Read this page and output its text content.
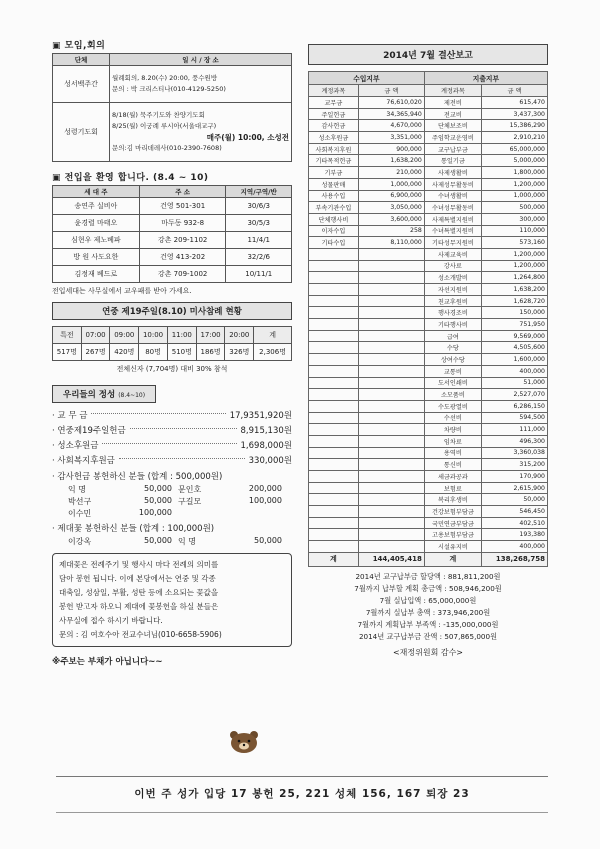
▣ 모임,회의
단체	일 시 / 장 소
성서백주간	월례회의, 8.20(수) 20:00, 풍수원방
문의 : 박 크리스티나(010-4129-5250)

성령기도회	8/18(월) 묵주기도와 찬양기도회
8/25(월) 이궁례 루시아(서울대교구)
매주(월) 10:00, 소성전
문의:김 마리데레사(010-2390-7608)
▣ 전입을 환영 합니다. (8.4 ~ 10)
세 대 주	주 소	지역/구역/반
송연주 실비아	건영 501-301	30/6/3
윤경렬 마태오	마두동 932-8	30/5/3
심현우 제노베파	강촌 209-1102	11/4/1
방 원 사도요한	건영 413-202	32/2/6
김정재 베드로	강촌 709-1002	10/11/1
전입세대는 사무실에서 교우패를 받아 가세요.
연중 제19주일(8.10) 미사참례 현황
특전	07:00	09:00	10:00	11:00	17:00	20:00	계
517명	267명	420명	80명	510명	186명	326명	2,306명
전체신자 (7,704명) 대비 30% 참석
우리들의 정성 (8.4~10)
· 교 무 금	17,9351,920원
· 연중제19주일헌금	8,915,130원
· 성소후원금	1,698,000원
· 사회복지후원금	330,000원
· 감사헌금 봉헌하신 분들 (합계 : 500,000원)
익 명	50,000 문인호	200,000
박선구	50,000 구길모	100,000
이수민	100,000
· 제대꽃 봉헌하신 분들 (합계 : 100,000원)
이강옥	50,000 익 명	50,000
제대꽃은 전례주기 및 행사시 마다 전례의 의미를
담아 봉헌 됩니다. 이에 본당에서는 연중 및 각종
대축일, 성삼일, 부활, 성탄 등에 소요되는 꽃값을
봉헌 받고자 하오니 제대에 꽃봉헌을 하실 분들은
사무실에 접수 하시기 바랍니다.
문의 : 김 여호수아 전교수녀님(010-6658-5906)
※주보는 부채가 아닙니다~~
2014년 7월 결산보고
수입지부		지출지부	
계정과목	금 액	계정과목	금 액
교무금	76,610,020	제전비	615,470
주일헌금	34,365,940	전교비	3,437,300
감사헌금	4,670,000	단체보조비	15,386,290
성소후원금	3,351,000	주임학교운영비	2,910,210
사회복지후원	900,000	교구납부금	65,000,000
기타목적헌금	1,638,200	통일기금	5,000,000
기부금	210,000	사제생활비	1,800,000
성물판매	1,000,000	사제성무활동비	1,200,000
사용수입	6,900,000	수녀생활비	1,000,000
부속기관수입	3,050,000	수녀성무활동비	500,000
단체행사비	3,600,000	사제특별지원비	300,000
이자수입	258	수녀특별지원비	110,000
기타수입	8,110,000	기타성무지원비	573,160
		사제교육비	1,200,000
		강사료	1,200,000
		성소개발비	1,264,800
		자선지원비	1,638,200
		친교후원비	1,628,720
		행사경조비	150,000
		기타행사비	751,950
		급여	9,569,000
		수당	4,505,600
		상여수당	1,600,000
		교통비	400,000
		도서인쇄비	51,000
		소모품비	2,527,070
		수도광열비	6,286,150
		수선비	594,500
		차량비	111,000
		임차료	496,300
		용역비	3,360,038
		통신비	315,200
		세금과공과	170,900
		보험료	2,615,900
		복리후생비	50,000
		건강보험부담금	546,450
		국민연금부담금	402,510
		고용보험부담금	193,380
		시설유지비	400,000
계	144,405,418	계	138,268,758
2014년 교구납부금 할당액 : 881,811,200원
7월까지 납부할 계획 총금액 : 508,946,200원
7월 실납입액 : 65,000,000원
7월까지 실납부 총액 : 373,946,200원
7월까지 계획납부 부족액 : -135,000,000원
2014년 교구납부금 잔액 : 507,865,000원
<재정위원회 감수>
이번 주 성가 입당 17 봉헌 25, 221 성체 156, 167 퇴장 23
